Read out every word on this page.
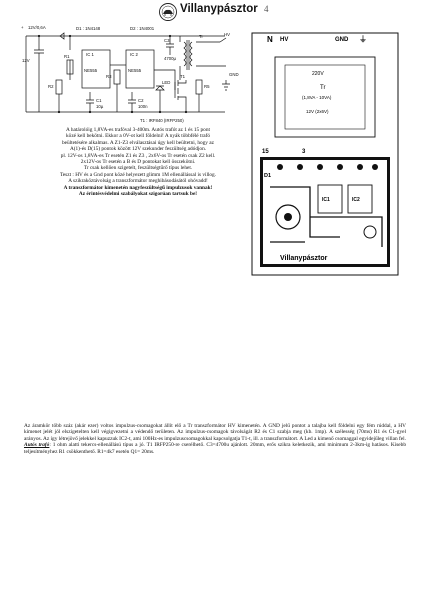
Villanypásztor 4
+ 12V/0,6A
12V
D1 : 1N4148	D2 : 1N4001
R1	IC 1
NE555
IC 2
NE555
C3
4700µ
Tr	HV
GND
T1
T1 : IRF840 (IRFP250)
C1
10µ
C2
100n
R2
R3
LED
R5
HV	GND
N	⏚
220V
Tr
(1,8VA - 10VA)
12V (2x6V)
15	3
D1
IC1	IC2
Villanypásztor
A határolóig 1,8VA-es trafóval 3-400m. Autós trafót az 1 és 15 pont
közé kell bekötni. Ekkor a 0V-ot kell földelni! A nyák többfélé trafó
beültetésére alkalmas. A Z1-Z3 elválasztásai úgy kell beültetni, hogy az
A(1)-és D(15) pontok között 12V szekunder feszültség adódjon.
pl. 12V-os 1,8VA-es Tr esetén Z1 és Z3 , 2x6V-os Tr esetén csak Z2 kell.
2x12V-os Tr esetén a B és D pontokat kell összekötni.
Tr csak kellően szigetelt, feszültségtűrő típus lehet.
Teszt : HV és a Gnd pont közé helyezett glimm 1M ellenállással is villog.
A szikraköztávolság a transzformátor meghibásodásától ohóvadd!
A transzformátor kimenetén nagyfeszültségű impulzusok vannak!
Az érintésvédelmi szabályokat szigorúan tartsuk be!
Az áramkör több száz (akár ezer) voltos impulzus-csomagokat állít elő a Tr transzformátor HV kimenetén. A GND jelű pontot a talajba kell földelni egy fém rúddal, a HV kimenet jelét jól elszigetelten kell végigvezetni a védendő területen. Az impulzus-csomagok távolságát R2 és C1 szabja meg (kb. 1mp). A szélesség (70ms) R1 és C1-gyel arányos. Az így létrejövő jelekkel kapuzzuk IC2-t, ami 100Hz-es impulzuscsomagokkal kapcsolgatja T1-t, ill. a transzformátort. A Led a kimenő csomaggal egyidejűleg villan fel. Autós trafó: 1 ohm alatti tekercs-ellenállású típus a jó. T1 IRFP250-re cserélhető. C3=4700u ajánlott. 20mm, erős szikra keletkezik, ami minimum 2-3km-ig hatásos. Kisebb teljesítményhez R1 csökkenthető. R1=4k7 esetén Q1= 20ms.
